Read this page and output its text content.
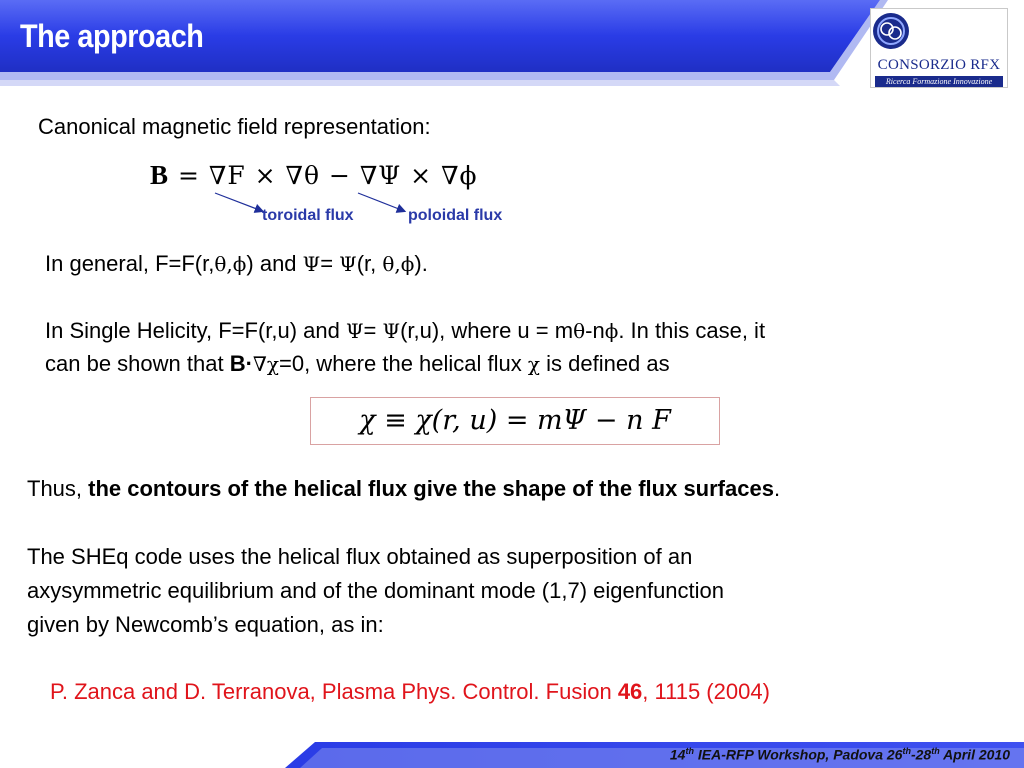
The approach
CONSORZIO RFX
Ricerca Formazione Innovazione
Canonical magnetic field representation:
B = ∇F × ∇θ − ∇Ψ × ∇ϕ
toroidal flux	poloidal flux
In general, F=F(r,θ,ϕ) and Ψ= Ψ(r, θ,ϕ).
In Single Helicity, F=F(r,u) and Ψ= Ψ(r,u), where u = mθ-nϕ. In this case, it
can be shown that B·∇χ=0, where the helical flux χ is defined as
χ ≡ χ(r, u) = mΨ − n F
Thus, the contours of the helical flux give the shape of the flux surfaces.
The SHEq code uses the helical flux obtained as superposition of an
axysymmetric equilibrium and of the dominant mode (1,7) eigenfunction
given by Newcomb’s equation, as in:
P. Zanca and D. Terranova, Plasma Phys. Control. Fusion 46, 1115 (2004)
14th IEA-RFP Workshop, Padova 26th-28th April 2010
